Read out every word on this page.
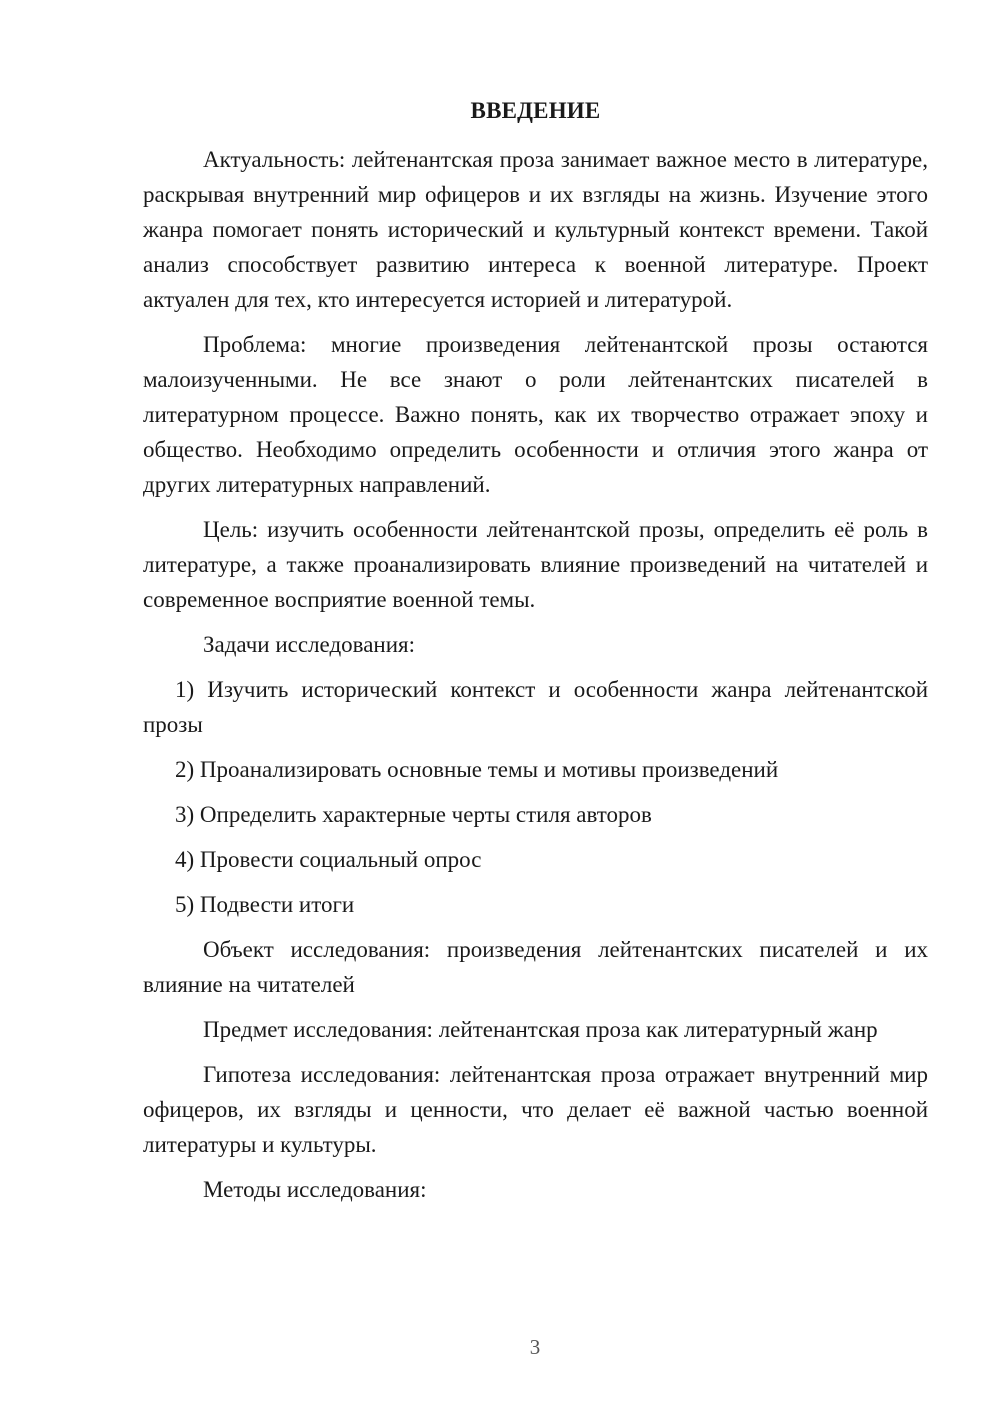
ВВЕДЕНИЕ

Актуальность: лейтенантская проза занимает важное место в литературе, раскрывая внутренний мир офицеров и их взгляды на жизнь. Изучение этого жанра помогает понять исторический и культурный контекст времени. Такой анализ способствует развитию интереса к военной литературе. Проект актуален для тех, кто интересуется историей и литературой.

Проблема: многие произведения лейтенантской прозы остаются малоизученными. Не все знают о роли лейтенантских писателей в литературном процессе. Важно понять, как их творчество отражает эпоху и общество. Необходимо определить особенности и отличия этого жанра от других литературных направлений.

Цель: изучить особенности лейтенантской прозы, определить её роль в литературе, а также проанализировать влияние произведений на читателей и современное восприятие военной темы.

Задачи исследования:

1) Изучить исторический контекст и особенности жанра лейтенантской прозы

2) Проанализировать основные темы и мотивы произведений

3) Определить характерные черты стиля авторов

4) Провести социальный опрос

5) Подвести итоги

Объект исследования: произведения лейтенантских писателей и их влияние на читателей

Предмет исследования: лейтенантская проза как литературный жанр

Гипотеза исследования: лейтенантская проза отражает внутренний мир офицеров, их взгляды и ценности, что делает её важной частью военной литературы и культуры.

Методы исследования:

3
